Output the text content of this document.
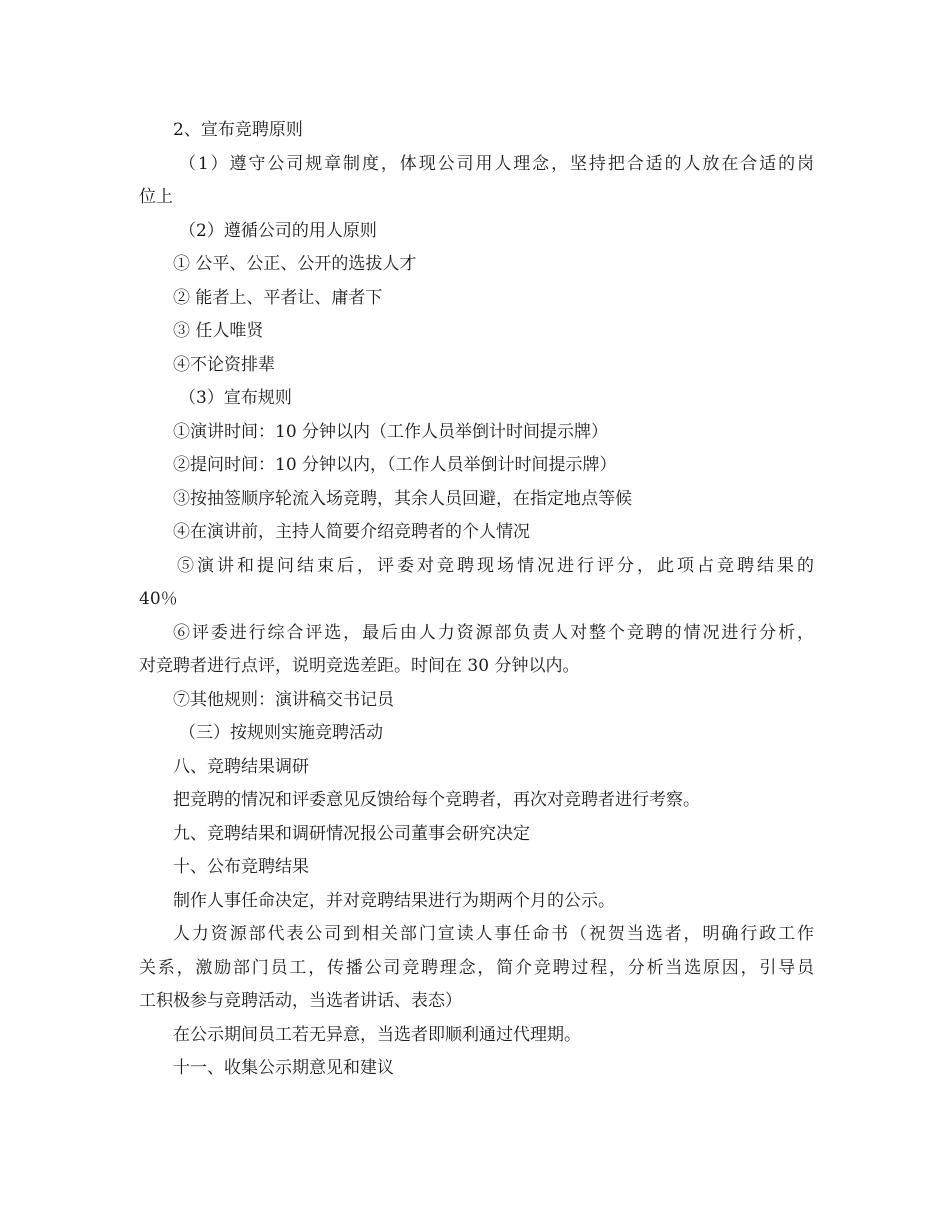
2、宣布竞聘原则
（1）遵守公司规章制度，体现公司用人理念，坚持把合适的人放在合适的岗
位上
（2）遵循公司的用人原则
① 公平、公正、公开的选拔人才
② 能者上、平者让、庸者下
③ 任人唯贤
④不论资排辈
（3）宣布规则
①演讲时间：10 分钟以内（工作人员举倒计时间提示牌）
②提问时间：10 分钟以内，（工作人员举倒计时间提示牌）
③按抽签顺序轮流入场竞聘，其余人员回避，在指定地点等候
④在演讲前，主持人简要介绍竞聘者的个人情况
⑤演讲和提问结束后，评委对竞聘现场情况进行评分，此项占竞聘结果的
40％
⑥评委进行综合评选，最后由人力资源部负责人对整个竞聘的情况进行分析，
对竞聘者进行点评，说明竞选差距。时间在 30 分钟以内。
⑦其他规则：演讲稿交书记员
（三）按规则实施竞聘活动
八、竞聘结果调研
把竞聘的情况和评委意见反馈给每个竞聘者，再次对竞聘者进行考察。
九、竞聘结果和调研情况报公司董事会研究决定
十、公布竞聘结果
制作人事任命决定，并对竞聘结果进行为期两个月的公示。
人力资源部代表公司到相关部门宣读人事任命书（祝贺当选者，明确行政工作
关系，激励部门员工，传播公司竞聘理念，简介竞聘过程，分析当选原因，引导员
工积极参与竞聘活动，当选者讲话、表态）
在公示期间员工若无异意，当选者即顺利通过代理期。
十一、收集公示期意见和建议
